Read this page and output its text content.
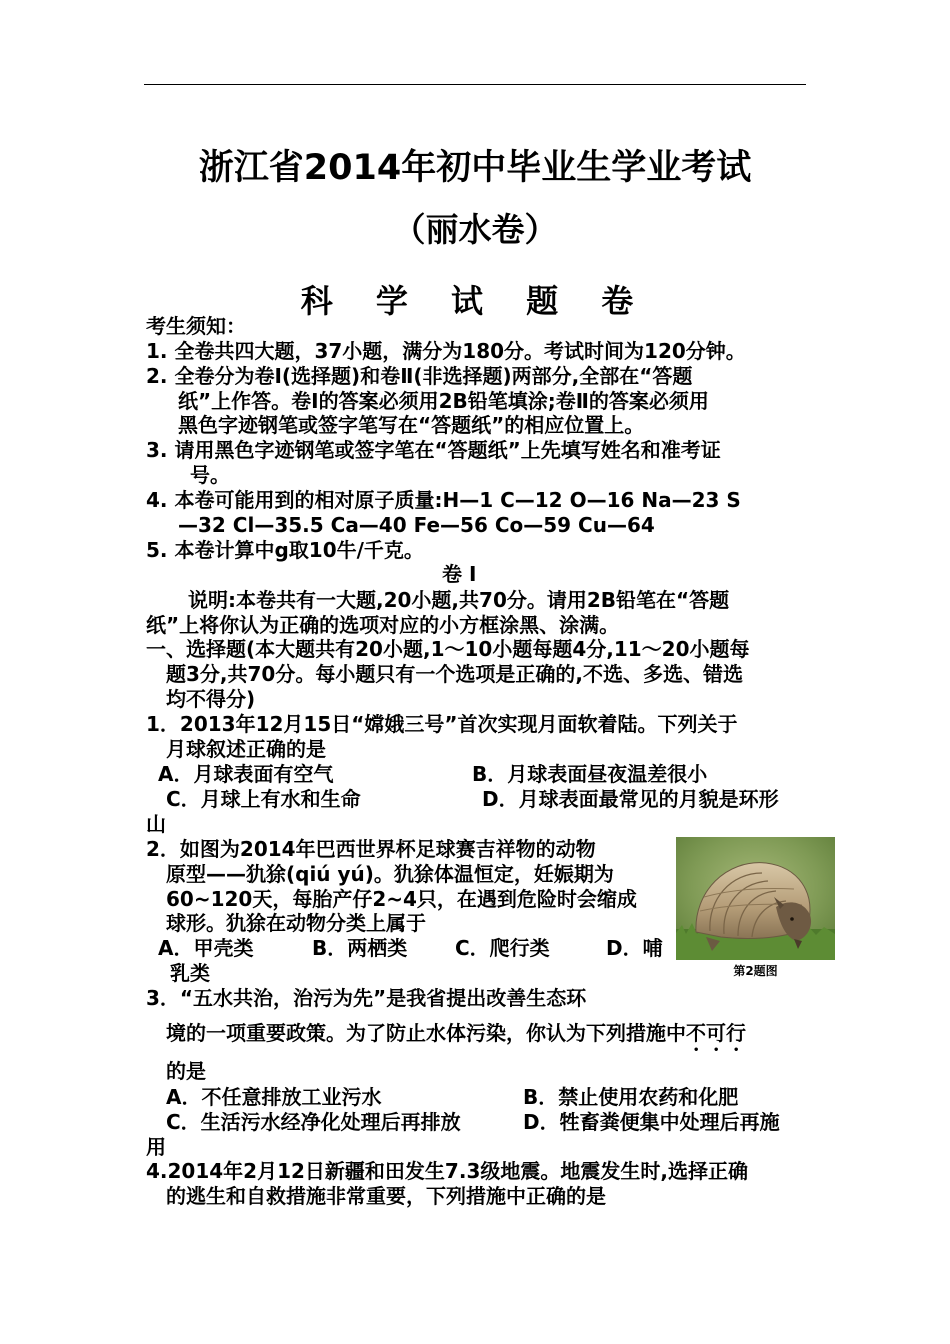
浙江省2014年初中毕业生学业考试
（丽水卷）
科 学 试 题 卷
考生须知：
1. 全卷共四大题，37小题，满分为180分。考试时间为120分钟。
2. 全卷分为卷Ⅰ(选择题)和卷Ⅱ(非选择题)两部分,全部在“答题
纸”上作答。卷Ⅰ的答案必须用2B铅笔填涂;卷Ⅱ的答案必须用
黑色字迹钢笔或签字笔写在“答题纸”的相应位置上。
3. 请用黑色字迹钢笔或签字笔在“答题纸”上先填写姓名和准考证
号。
4. 本卷可能用到的相对原子质量:H—1 C—12 O—16 Na—23 S
—32 Cl—35.5 Ca—40 Fe—56 Co—59 Cu—64
5. 本卷计算中g取10牛/千克。
卷 Ⅰ
说明:本卷共有一大题,20小题,共70分。请用2B铅笔在“答题
纸”上将你认为正确的选项对应的小方框涂黑、涂满。
一、选择题(本大题共有20小题,1～10小题每题4分,11～20小题每
题3分,共70分。每小题只有一个选项是正确的,不选、多选、错选
均不得分)
1．2013年12月15日“嫦娥三号”首次实现月面软着陆。下列关于
月球叙述正确的是
A．月球表面有空气	B．月球表面昼夜温差很小
C．月球上有水和生命	D．月球表面最常见的月貌是环形
山
2．如图为2014年巴西世界杯足球赛吉祥物的动物
原型——犰狳(qiú yú)。犰狳体温恒定，妊娠期为
60~120天，每胎产仔2~4只，在遇到危险时会缩成
球形。犰狳在动物分类上属于
A．甲壳类	B．两栖类 C．爬行类	D．哺
乳类	第2题图
3．“五水共治，治污为先”是我省提出改善生态环
境的一项重要政策。为了防止水体污染，你认为下列措施中不可行
的是
A．不任意排放工业污水	B．禁止使用农药和化肥
C．生活污水经净化处理后再排放	D．牲畜粪便集中处理后再施
用
4.2014年2月12日新疆和田发生7.3级地震。地震发生时,选择正确
的逃生和自救措施非常重要，下列措施中正确的是
